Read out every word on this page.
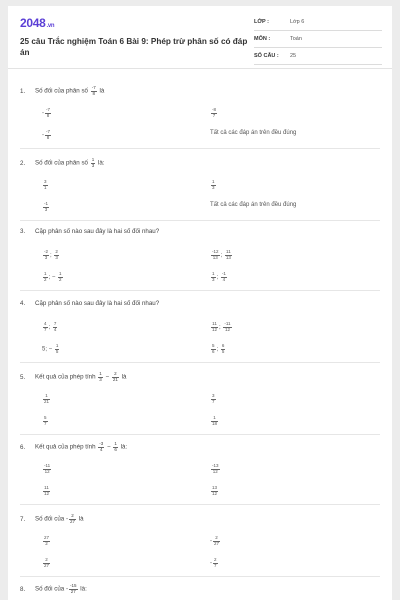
2048.vn
25 câu Trắc nghiệm Toán 6 Bài 9: Phép trừ phân số có đáp án
LỚP :	Lớp 6
MÔN :	Toán
SỐ CÂU :	25
1. Số đối của phân số $\frac{-7}{8}$ là
- $\frac{-7}{8}$	$\frac{-8}{7}$
- $\frac{-7}{8}$	Tất cả các đáp án trên đều đúng
2. Số đối của phân số $\frac{1}{3}$ là:
$\frac{3}{1}$	$\frac{1}{3}$
$\frac{-1}{3}$	Tất cả các đáp án trên đều đúng
3. Cặp phân số nào sau đây là hai số đối nhau?
$\frac{-2}{3}$ ; $\frac{2}{3}$	$\frac{-12}{13}$ ; $\frac{11}{13}$
$\frac{1}{2}$ ; − $\frac{1}{2}$	$\frac{1}{3}$ ; $\frac{-1}{4}$
4. Cặp phân số nào sau đây là hai số đối nhau?
$\frac{4}{7}$ ; $\frac{7}{4}$	$\frac{11}{12}$ ; $\frac{-11}{12}$
5; − $\frac{1}{5}$	$\frac{5}{6}$ ; $\frac{6}{5}$
5. Kết quả của phép tính $\frac{1}{3} - \frac{2}{21}$ là
$\frac{1}{21}$	$\frac{3}{7}$
$\frac{5}{7}$	$\frac{1}{18}$
6. Kết quả của phép tính $\frac{-3}{4} - \frac{1}{6}$ là:
$\frac{-11}{12}$	$\frac{-13}{12}$
$\frac{11}{12}$	$\frac{13}{12}$
7. Số đối của - $\frac{2}{27}$ là
$\frac{27}{2}$	- $\frac{2}{27}$
$\frac{2}{27}$	- $\frac{2}{7}$
8. Số đối của - $\frac{-15}{27}$ là:
